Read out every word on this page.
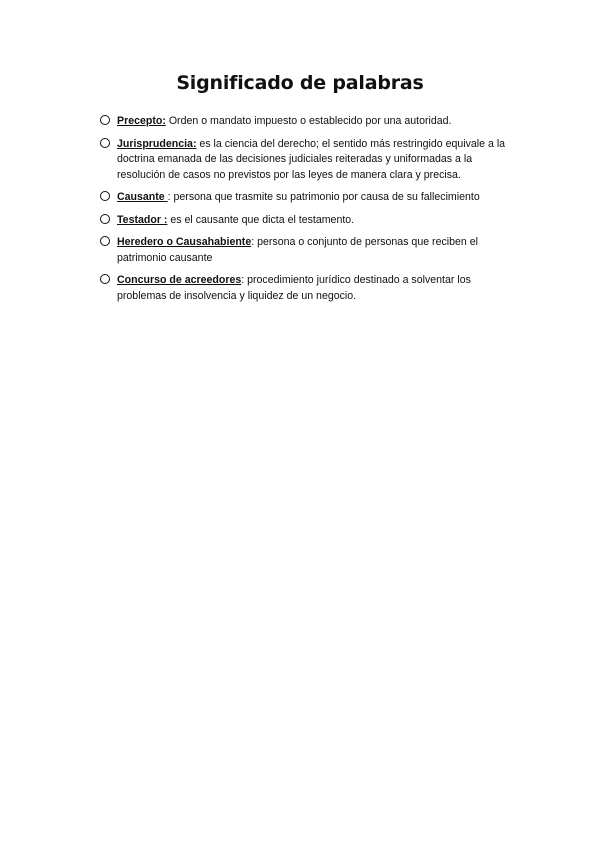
Significado de palabras
Precepto: Orden o mandato impuesto o establecido por una autoridad.
Jurisprudencia: es la ciencia del derecho; el sentido más restringido equivale a la doctrina emanada de las decisiones judiciales reiteradas y uniformadas a la resolución de casos no previstos por las leyes de manera clara y precisa.
Causante : persona que trasmite su patrimonio por causa de su fallecimiento
Testador : es el causante que dicta el testamento.
Heredero o Causahabiente: persona o conjunto de personas que reciben el patrimonio causante
Concurso de acreedores: procedimiento jurídico destinado a solventar los problemas de insolvencia y liquidez de un negocio.
